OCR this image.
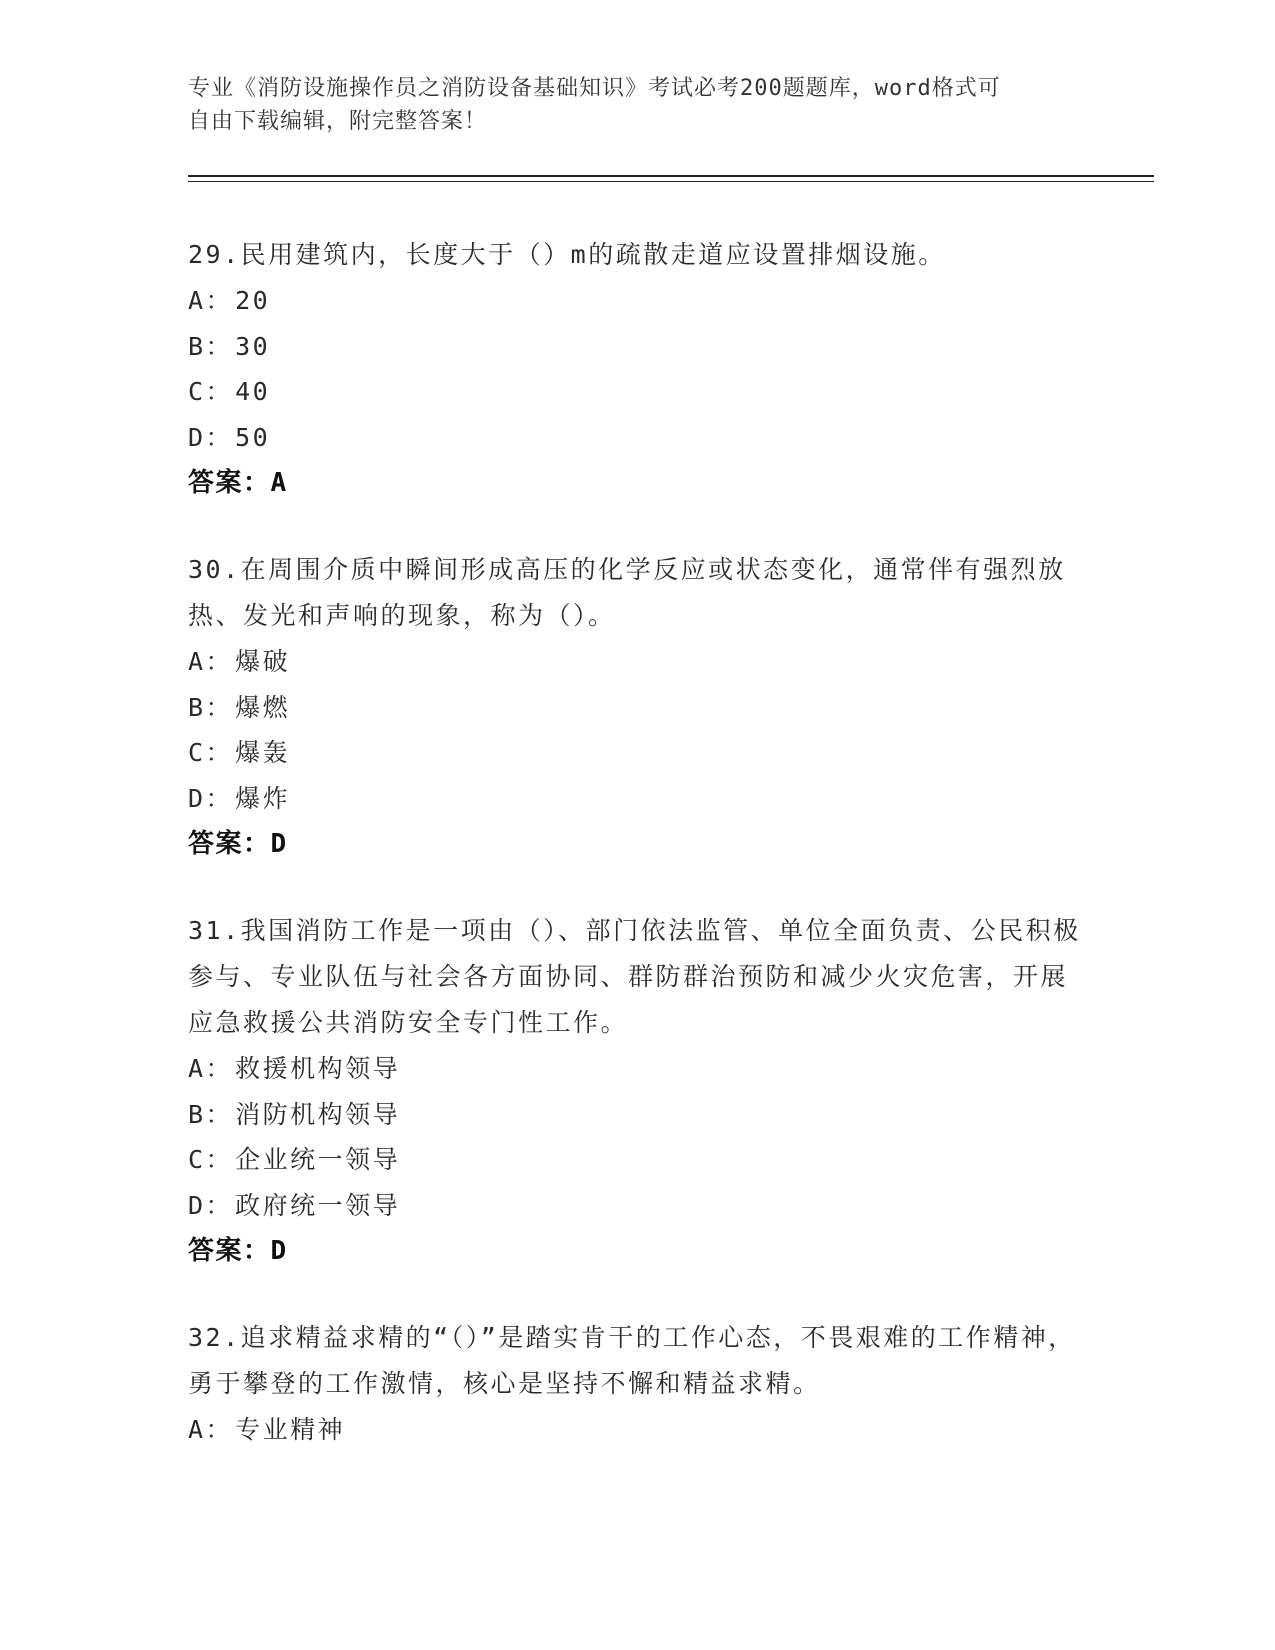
专业《消防设施操作员之消防设备基础知识》考试必考200题题库，word格式可

自由下载编辑，附完整答案！

29.民用建筑内，长度大于（）m的疏散走道应设置排烟设施。

A：20

B：30

C：40

D：50

答案：A

30.在周围介质中瞬间形成高压的化学反应或状态变化，通常伴有强烈放热、发光和声响的现象，称为（）。

A：爆破

B：爆燃

C：爆轰

D：爆炸

答案：D

31.我国消防工作是一项由（）、部门依法监管、单位全面负责、公民积极参与、专业队伍与社会各方面协同、群防群治预防和减少火灾危害，开展应急救援公共消防安全专门性工作。

A：救援机构领导

B：消防机构领导

C：企业统一领导

D：政府统一领导

答案：D

32.追求精益求精的“（）”是踏实肯干的工作心态，不畏艰难的工作精神，勇于攀登的工作激情，核心是坚持不懈和精益求精。

A：专业精神
